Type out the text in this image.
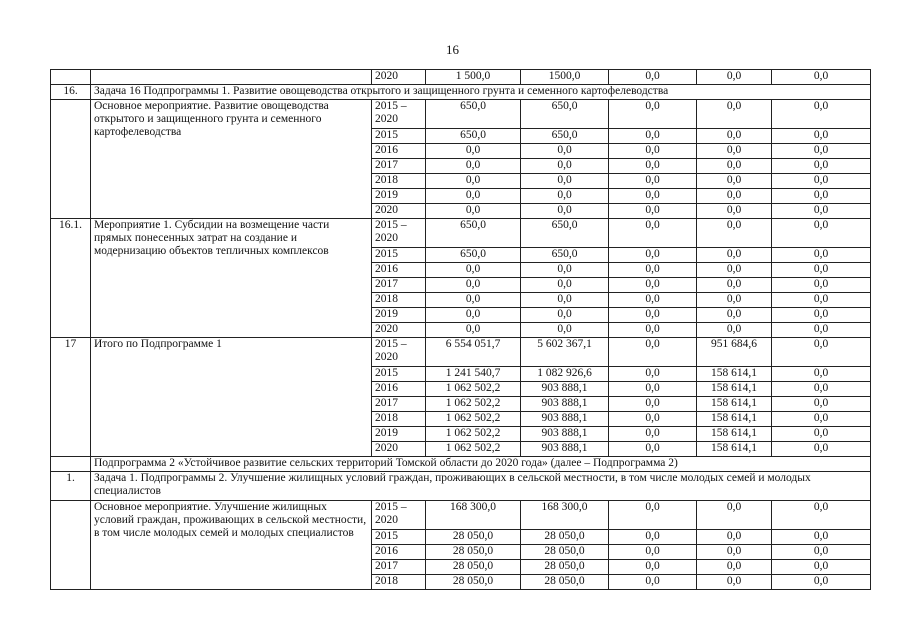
16
		2020	1 500,0	1500,0	0,0	0,0	0,0
16.	Задача 16 Подпрограммы 1. Развитие овощеводства открытого и защищенного грунта и семенного картофелеводства						
	Основное мероприятие. Развитие овощеводства открытого и защищенного грунта и семенного картофелеводства	2015 – 2020	650,0	650,0	0,0	0,0	0,0
		2015	650,0	650,0	0,0	0,0	0,0
		2016	0,0	0,0	0,0	0,0	0,0
		2017	0,0	0,0	0,0	0,0	0,0
		2018	0,0	0,0	0,0	0,0	0,0
		2019	0,0	0,0	0,0	0,0	0,0
		2020	0,0	0,0	0,0	0,0	0,0
16.1.	Мероприятие 1. Субсидии на возмещение части прямых понесенных затрат на создание и модернизацию объектов тепличных комплексов	2015 – 2020	650,0	650,0	0,0	0,0	0,0
		2015	650,0	650,0	0,0	0,0	0,0
		2016	0,0	0,0	0,0	0,0	0,0
		2017	0,0	0,0	0,0	0,0	0,0
		2018	0,0	0,0	0,0	0,0	0,0
		2019	0,0	0,0	0,0	0,0	0,0
		2020	0,0	0,0	0,0	0,0	0,0
17	Итого по Подпрограмме 1	2015 – 2020	6 554 051,7	5 602 367,1	0,0	951 684,6	0,0
		2015	1 241 540,7	1 082 926,6	0,0	158 614,1	0,0
		2016	1 062 502,2	903 888,1	0,0	158 614,1	0,0
		2017	1 062 502,2	903 888,1	0,0	158 614,1	0,0
		2018	1 062 502,2	903 888,1	0,0	158 614,1	0,0
		2019	1 062 502,2	903 888,1	0,0	158 614,1	0,0
		2020	1 062 502,2	903 888,1	0,0	158 614,1	0,0
	Подпрограмма 2 «Устойчивое развитие сельских территорий Томской области до 2020 года» (далее – Подпрограмма 2)						
1.	Задача 1. Подпрограммы 2. Улучшение жилищных условий граждан, проживающих в сельской местности, в том числе молодых семей и молодых специалистов						
	Основное мероприятие. Улучшение жилищных условий граждан, проживающих в сельской местности, в том числе молодых семей и молодых специалистов	2015 – 2020	168 300,0	168 300,0	0,0	0,0	0,0
		2015	28 050,0	28 050,0	0,0	0,0	0,0
		2016	28 050,0	28 050,0	0,0	0,0	0,0
		2017	28 050,0	28 050,0	0,0	0,0	0,0
		2018	28 050,0	28 050,0	0,0	0,0	0,0
